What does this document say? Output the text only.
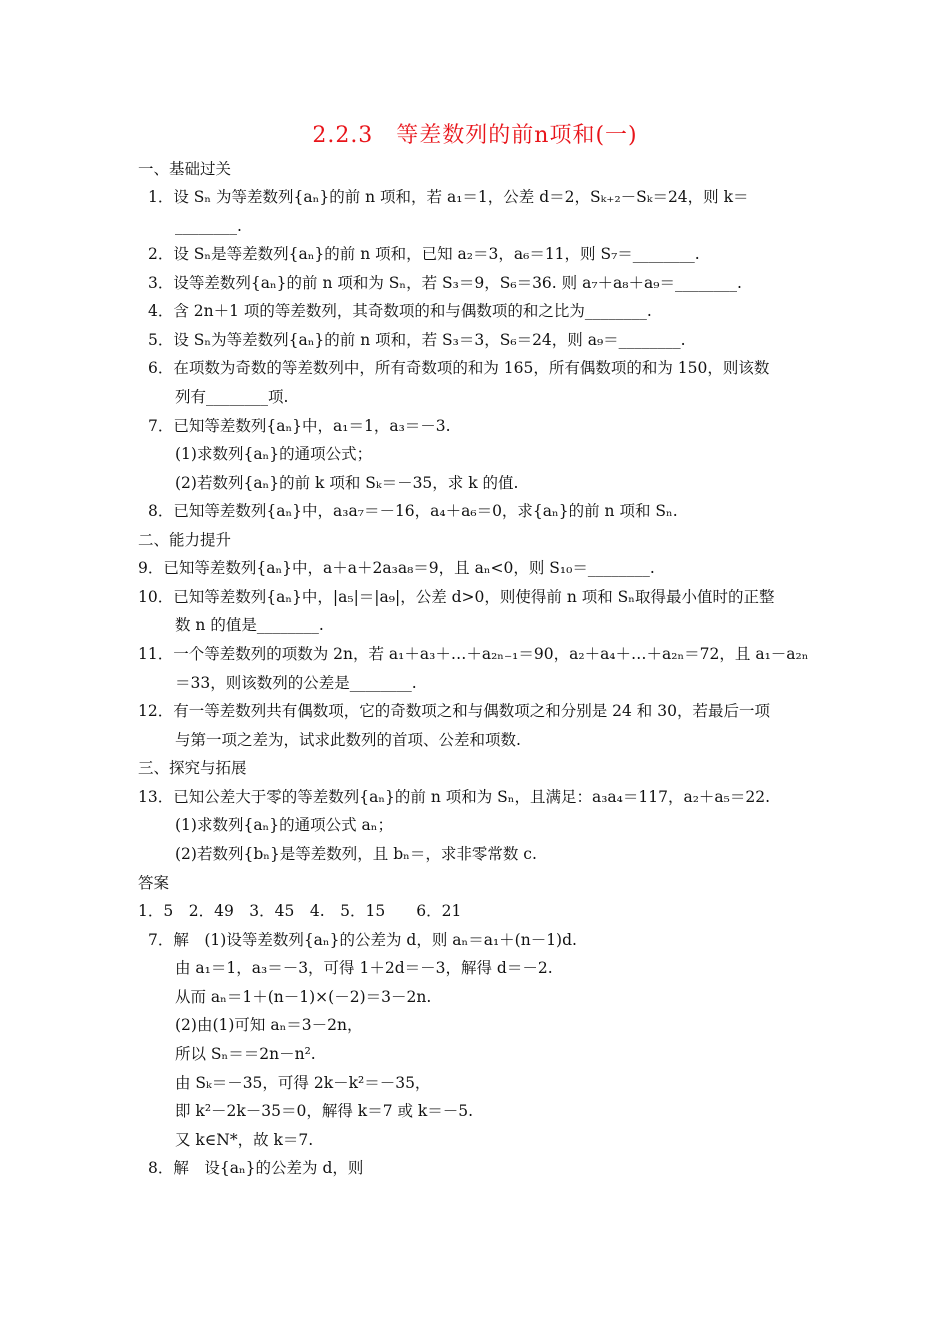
2.2.3　等差数列的前n项和(一)
一、基础过关
1．设 Sₙ 为等差数列{aₙ}的前 n 项和，若 a₁＝1，公差 d＝2，Sₖ₊₂－Sₖ＝24，则 k＝
________.
2．设 Sₙ是等差数列{aₙ}的前 n 项和，已知 a₂＝3，a₆＝11，则 S₇＝________.
3．设等差数列{aₙ}的前 n 项和为 Sₙ，若 S₃＝9，S₆＝36. 则 a₇＋a₈＋a₉＝________.
4．含 2n＋1 项的等差数列，其奇数项的和与偶数项的和之比为________.
5．设 Sₙ为等差数列{aₙ}的前 n 项和，若 S₃＝3，S₆＝24，则 a₉＝________.
6．在项数为奇数的等差数列中，所有奇数项的和为 165，所有偶数项的和为 150，则该数
列有________项.
7．已知等差数列{aₙ}中，a₁＝1，a₃＝－3.
(1)求数列{aₙ}的通项公式；
(2)若数列{aₙ}的前 k 项和 Sₖ＝－35，求 k 的值.
8．已知等差数列{aₙ}中，a₃a₇＝－16，a₄＋a₆＝0，求{aₙ}的前 n 项和 Sₙ.
二、能力提升
9．已知等差数列{aₙ}中，a＋a＋2a₃a₈＝9，且 aₙ<0，则 S₁₀＝________.
10．已知等差数列{aₙ}中，|a₅|＝|a₉|，公差 d>0，则使得前 n 项和 Sₙ取得最小值时的正整
数 n 的值是________.
11．一个等差数列的项数为 2n，若 a₁＋a₃＋…＋a₂ₙ₋₁＝90，a₂＋a₄＋…＋a₂ₙ＝72，且 a₁－a₂ₙ
＝33，则该数列的公差是________.
12．有一等差数列共有偶数项，它的奇数项之和与偶数项之和分别是 24 和 30，若最后一项
与第一项之差为，试求此数列的首项、公差和项数.
三、探究与拓展
13．已知公差大于零的等差数列{aₙ}的前 n 项和为 Sₙ，且满足：a₃a₄＝117，a₂＋a₅＝22.
(1)求数列{aₙ}的通项公式 aₙ；
(2)若数列{bₙ}是等差数列，且 bₙ＝，求非零常数 c.
答案
1．5　2．49　3．45　4.　5．15　　6．21
7．解　(1)设等差数列{aₙ}的公差为 d，则 aₙ＝a₁＋(n－1)d.
由 a₁＝1，a₃＝－3，可得 1＋2d＝－3，解得 d＝－2.
从而 aₙ＝1＋(n－1)×(－2)＝3－2n.
(2)由(1)可知 aₙ＝3－2n，
所以 Sₙ＝＝2n－n².
由 Sₖ＝－35，可得 2k－k²＝－35，
即 k²－2k－35＝0，解得 k＝7 或 k＝－5.
又 k∈N*，故 k＝7.
8．解　设{aₙ}的公差为 d，则
